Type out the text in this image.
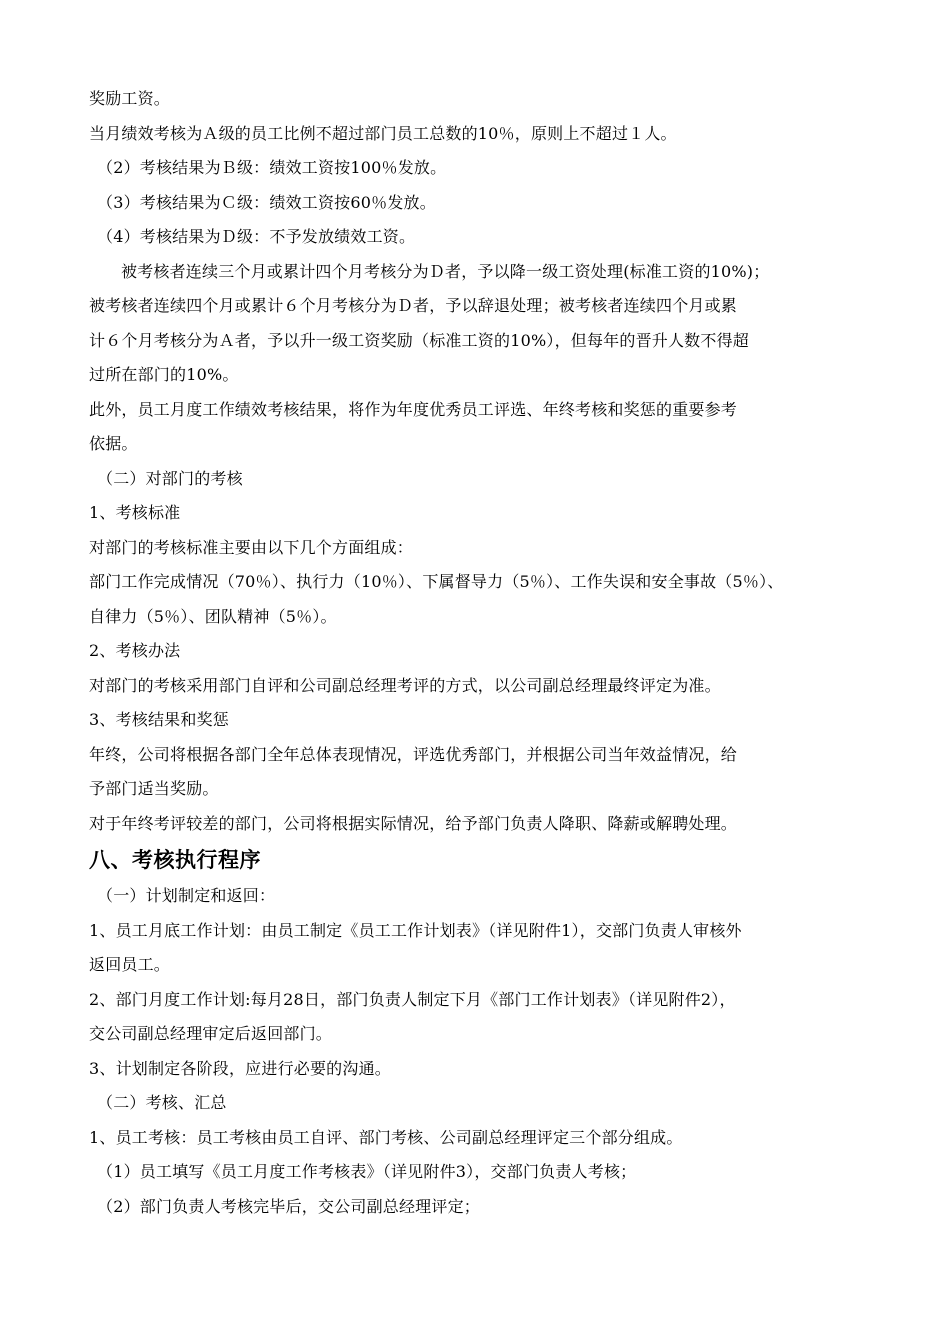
奖励工资。
当月绩效考核为Ａ级的员工比例不超过部门员工总数的10％，原则上不超过１人。
（2）考核结果为Ｂ级：绩效工资按100％发放。
（3）考核结果为Ｃ级：绩效工资按60％发放。
（4）考核结果为Ｄ级：不予发放绩效工资。
被考核者连续三个月或累计四个月考核分为Ｄ者，予以降一级工资处理(标准工资的10%)；
被考核者连续四个月或累计６个月考核分为Ｄ者，予以辞退处理；被考核者连续四个月或累
计６个月考核分为Ａ者，予以升一级工资奖励（标准工资的10%），但每年的晋升人数不得超
过所在部门的10%。
此外，员工月度工作绩效考核结果，将作为年度优秀员工评选、年终考核和奖惩的重要参考
依据。
（二）对部门的考核
1、考核标准
对部门的考核标准主要由以下几个方面组成：
部门工作完成情况（70％）、执行力（10％）、下属督导力（5％）、工作失误和安全事故（5％）、
自律力（5％）、团队精神（5％）。
2、考核办法
对部门的考核采用部门自评和公司副总经理考评的方式，以公司副总经理最终评定为准。
3、考核结果和奖惩
年终，公司将根据各部门全年总体表现情况，评选优秀部门，并根据公司当年效益情况，给
予部门适当奖励。
对于年终考评较差的部门，公司将根据实际情况，给予部门负责人降职、降薪或解聘处理。
八、考核执行程序
（一）计划制定和返回：
1、员工月底工作计划：由员工制定《员工工作计划表》（详见附件1），交部门负责人审核外
返回员工。
2、部门月度工作计划:每月28日，部门负责人制定下月《部门工作计划表》（详见附件2），
交公司副总经理审定后返回部门。
3、计划制定各阶段，应进行必要的沟通。
（二）考核、汇总
1、员工考核：员工考核由员工自评、部门考核、公司副总经理评定三个部分组成。
（1）员工填写《员工月度工作考核表》（详见附件3），交部门负责人考核；
（2）部门负责人考核完毕后，交公司副总经理评定；
